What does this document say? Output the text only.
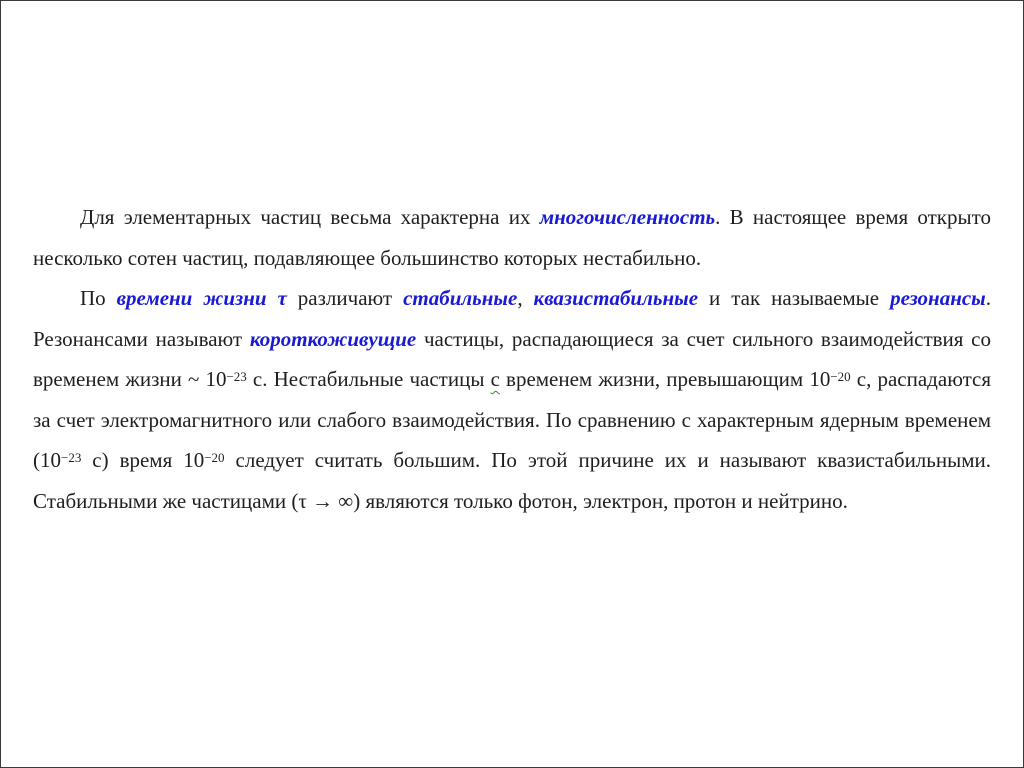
Для элементарных частиц весьма характерна их многочисленность. В настоящее время открыто несколько сотен частиц, подавляющее большинство которых нестабильно.

По времени жизни τ различают стабильные, квазистабильные и так называемые резонансы. Резонансами называют короткоживущие частицы, распадающиеся за счет сильного взаимодействия со временем жизни ~ $10^{-23}$ с. Нестабильные частицы с временем жизни, превышающим $10^{-20}$ с, распадаются за счет электромагнитного или слабого взаимодействия. По сравнению с характерным ядерным временем ($10^{-23}$ с) время $10^{-20}$ следует считать большим. По этой причине их и называют квазистабильными. Стабильными же частицами (τ → ∞) являются только фотон, электрон, протон и нейтрино.
